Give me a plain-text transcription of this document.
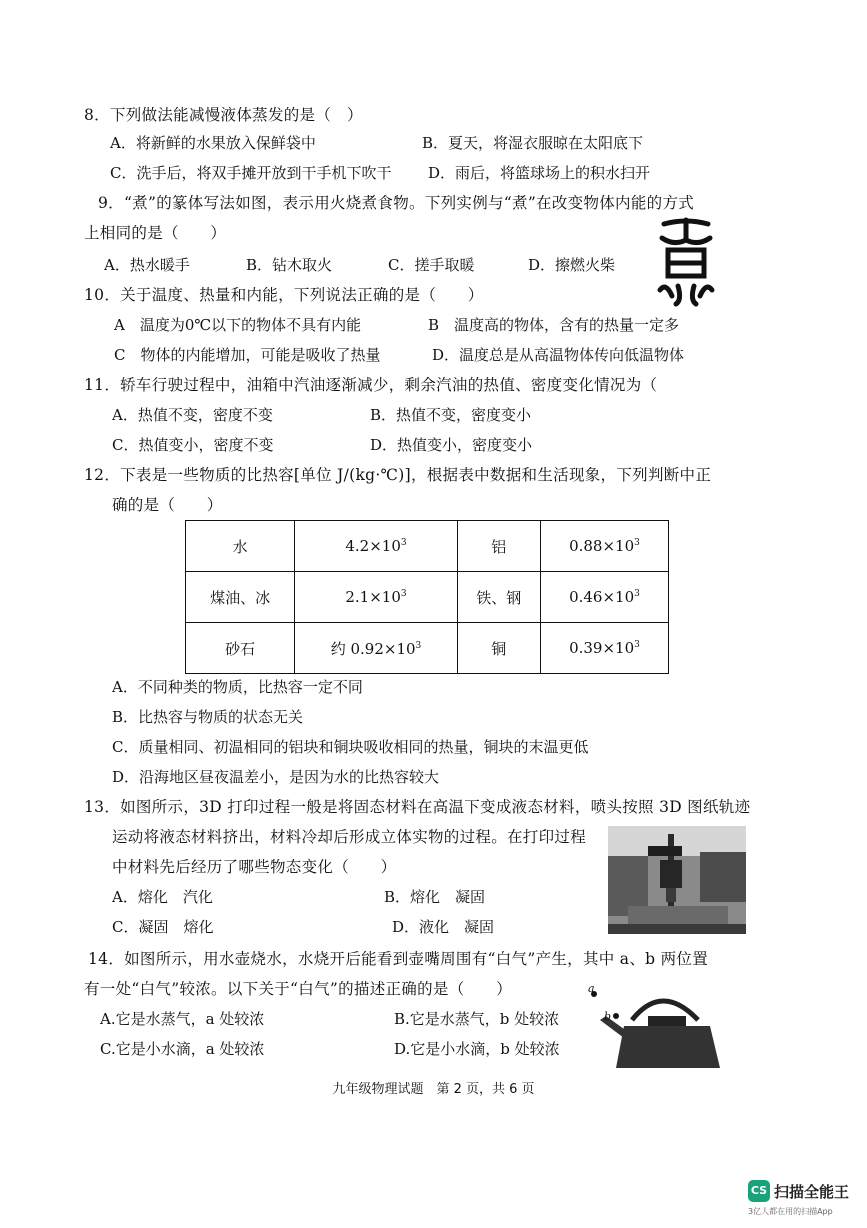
8．下列做法能减慢液体蒸发的是（　）
A．将新鲜的水果放入保鲜袋中	B．夏天，将湿衣服晾在太阳底下
C．洗手后，将双手摊开放到干手机下吹干 D．雨后，将篮球场上的积水扫开
9．“煮”的篆体写法如图，表示用火烧煮食物。下列实例与“煮”在改变物体内能的方式
上相同的是（　　）
A．热水暖手	B．钻木取火	C．搓手取暖	D．擦燃火柴
10．关于温度、热量和内能，下列说法正确的是（　　）
A　温度为0℃以下的物体不具有内能	B　温度高的物体，含有的热量一定多
C　物体的内能增加，可能是吸收了热量	D．温度总是从高温物体传向低温物体
11．轿车行驶过程中，油箱中汽油逐渐减少，剩余汽油的热值、密度变化情况为（
A．热值不变，密度不变	B．热值不变，密度变小
C．热值变小，密度不变	D．热值变小，密度变小
12．下表是一些物质的比热容[单位 J/(kg·℃)]，根据表中数据和生活现象，下列判断中正
确的是（　　）
水	$4.2\times 10^3$	铝	$0.88\times 10^3$
煤油、冰	$2.1\times 10^3$	铁、钢	$0.46\times 10^3$
砂石	约 $0.92\times 10^3$	铜	$0.39\times 10^3$
A．不同种类的物质，比热容一定不同
B．比热容与物质的状态无关
C．质量相同、初温相同的铝块和铜块吸收相同的热量，铜块的末温更低
D．沿海地区昼夜温差小，是因为水的比热容较大
13．如图所示，3D 打印过程一般是将固态材料在高温下变成液态材料，喷头按照 3D 图纸轨迹
运动将液态材料挤出，材料冷却后形成立体实物的过程。在打印过程
中材料先后经历了哪些物态变化（　　）
A．熔化　汽化	B．熔化　凝固
C．凝固　熔化	D．液化　凝固
14．如图所示，用水壶烧水，水烧开后能看到壶嘴周围有“白气”产生，其中 a、b 两位置
有一处“白气”较浓。以下关于“白气”的描述正确的是（　　）
A.它是水蒸气，a 处较浓	B.它是水蒸气，b 处较浓
C.它是小水滴，a 处较浓	D.它是小水滴，b 处较浓
a
b
九年级物理试题　第 2 页，共 6 页
CS 扫描全能王
3亿人都在用的扫描App
